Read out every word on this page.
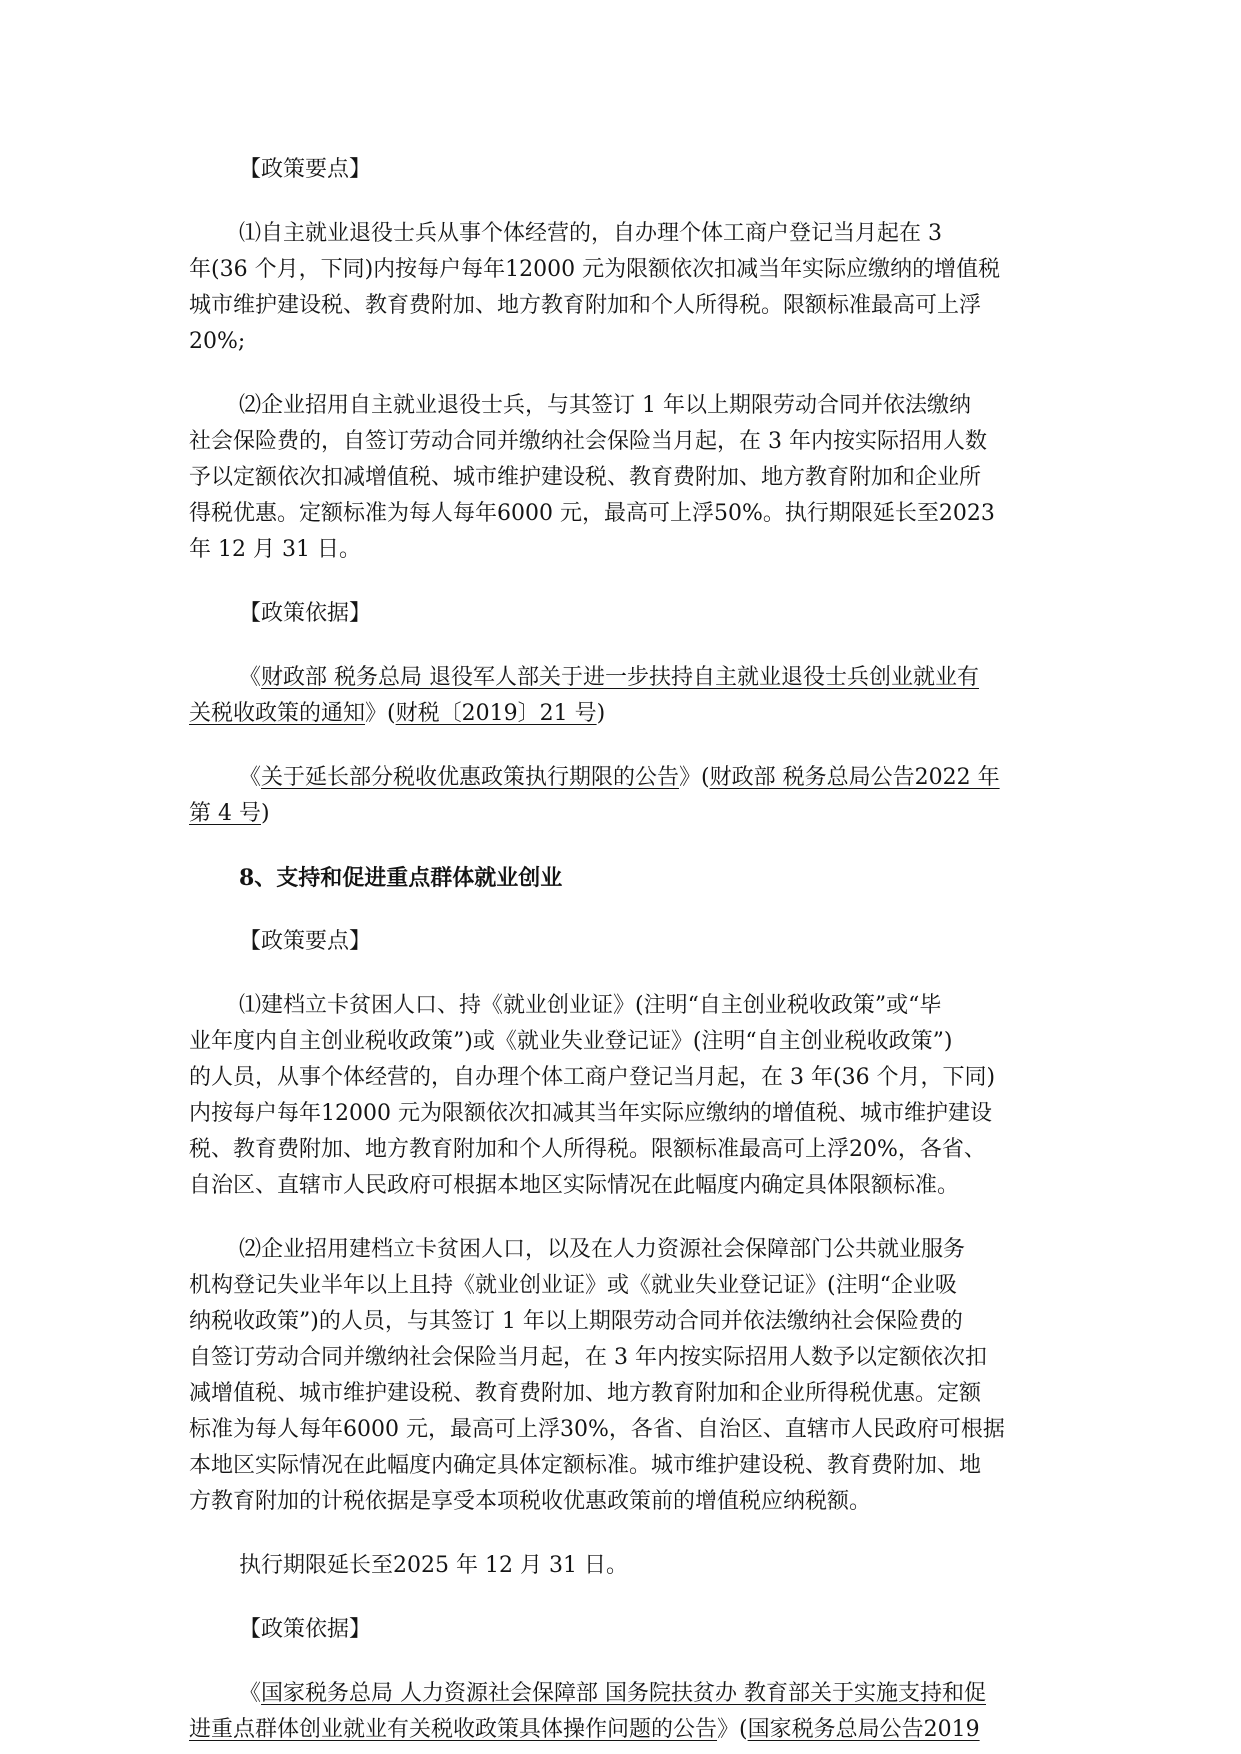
【政策要点】
⑴自主就业退役士兵从事个体经营的，自办理个体工商户登记当月起在 3
年(36 个月，下同)内按每户每年12000 元为限额依次扣减当年实际应缴纳的增值税
城市维护建设税、教育费附加、地方教育附加和个人所得税。限额标准最高可上浮
20%;
⑵企业招用自主就业退役士兵，与其签订 1 年以上期限劳动合同并依法缴纳
社会保险费的，自签订劳动合同并缴纳社会保险当月起，在 3 年内按实际招用人数
予以定额依次扣减增值税、城市维护建设税、教育费附加、地方教育附加和企业所
得税优惠。定额标准为每人每年6000 元，最高可上浮50%。执行期限延长至2023
年 12 月 31 日。
【政策依据】
《财政部 税务总局 退役军人部关于进一步扶持自主就业退役士兵创业就业有
关税收政策的通知》(财税〔2019〕21 号)
《关于延长部分税收优惠政策执行期限的公告》(财政部 税务总局公告2022 年
第 4 号)
8、支持和促进重点群体就业创业
【政策要点】
⑴建档立卡贫困人口、持《就业创业证》(注明“自主创业税收政策”或“毕
业年度内自主创业税收政策”)或《就业失业登记证》(注明“自主创业税收政策”)
的人员，从事个体经营的，自办理个体工商户登记当月起，在 3 年(36 个月，下同)
内按每户每年12000 元为限额依次扣减其当年实际应缴纳的增值税、城市维护建设
税、教育费附加、地方教育附加和个人所得税。限额标准最高可上浮20%，各省、
自治区、直辖市人民政府可根据本地区实际情况在此幅度内确定具体限额标准。
⑵企业招用建档立卡贫困人口，以及在人力资源社会保障部门公共就业服务
机构登记失业半年以上且持《就业创业证》或《就业失业登记证》(注明“企业吸
纳税收政策”)的人员，与其签订 1 年以上期限劳动合同并依法缴纳社会保险费的
自签订劳动合同并缴纳社会保险当月起，在 3 年内按实际招用人数予以定额依次扣
减增值税、城市维护建设税、教育费附加、地方教育附加和企业所得税优惠。定额
标准为每人每年6000 元，最高可上浮30%，各省、自治区、直辖市人民政府可根据
本地区实际情况在此幅度内确定具体定额标准。城市维护建设税、教育费附加、地
方教育附加的计税依据是享受本项税收优惠政策前的增值税应纳税额。
执行期限延长至2025 年 12 月 31 日。
【政策依据】
《国家税务总局 人力资源社会保障部 国务院扶贫办 教育部关于实施支持和促
进重点群体创业就业有关税收政策具体操作问题的公告》(国家税务总局公告2019
